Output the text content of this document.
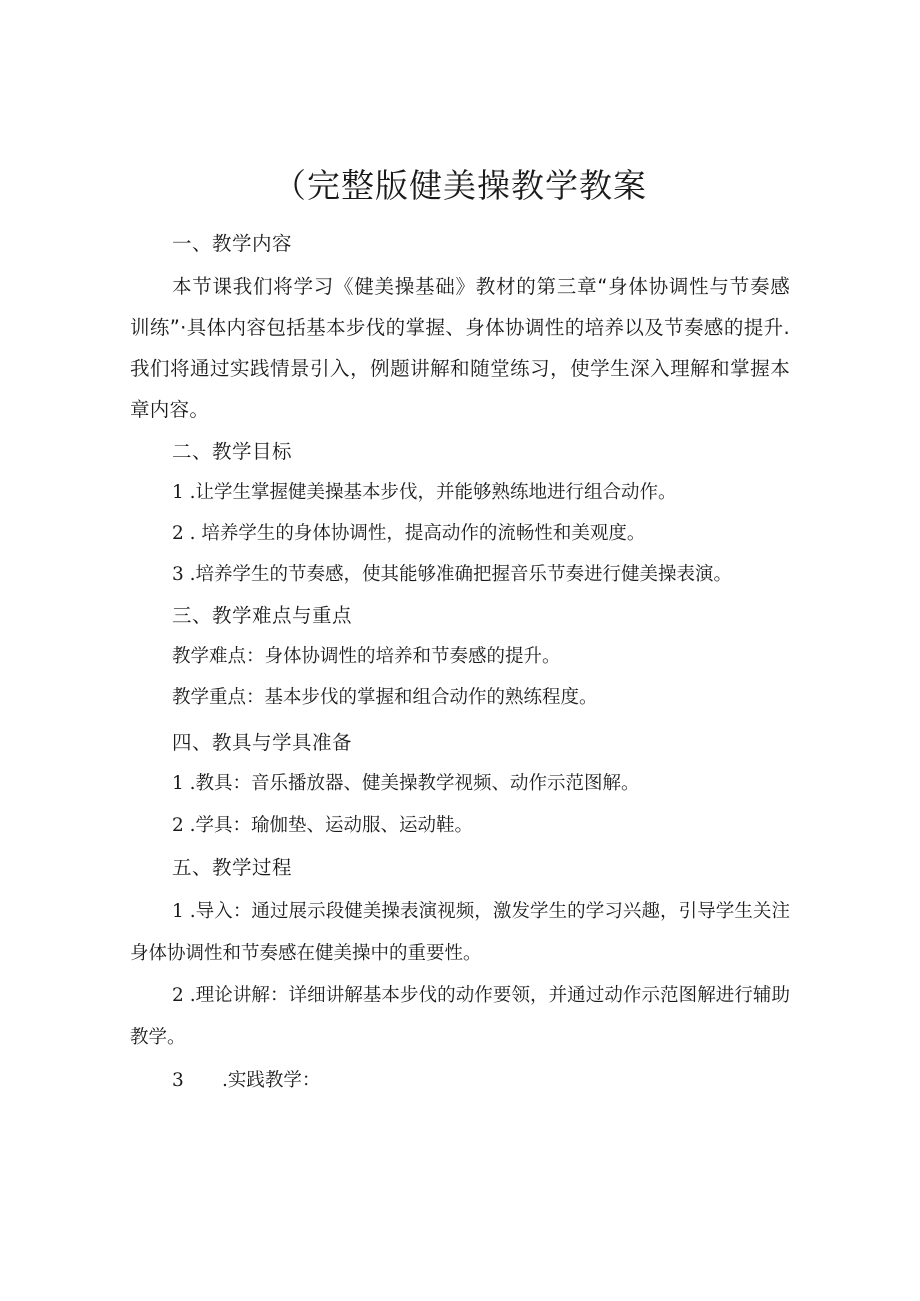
（完整版健美操教学教案
一、教学内容
本节课我们将学习《健美操基础》教材的第三章“身体协调性与节奏感训练”·具体内容包括基本步伐的掌握、身体协调性的培养以及节奏感的提升.我们将通过实践情景引入，例题讲解和随堂练习，使学生深入理解和掌握本章内容。
二、教学目标
1 .让学生掌握健美操基本步伐，并能够熟练地进行组合动作。
2 . 培养学生的身体协调性，提高动作的流畅性和美观度。
3 .培养学生的节奏感，使其能够准确把握音乐节奏进行健美操表演。
三、教学难点与重点
教学难点：身体协调性的培养和节奏感的提升。
教学重点：基本步伐的掌握和组合动作的熟练程度。
四、教具与学具准备
1 .教具：音乐播放器、健美操教学视频、动作示范图解。
2 .学具：瑜伽垫、运动服、运动鞋。
五、教学过程
1 .导入：通过展示段健美操表演视频，激发学生的学习兴趣，引导学生关注身体协调性和节奏感在健美操中的重要性。
2 .理论讲解：详细讲解基本步伐的动作要领，并通过动作示范图解进行辅助教学。
3 .实践教学：
